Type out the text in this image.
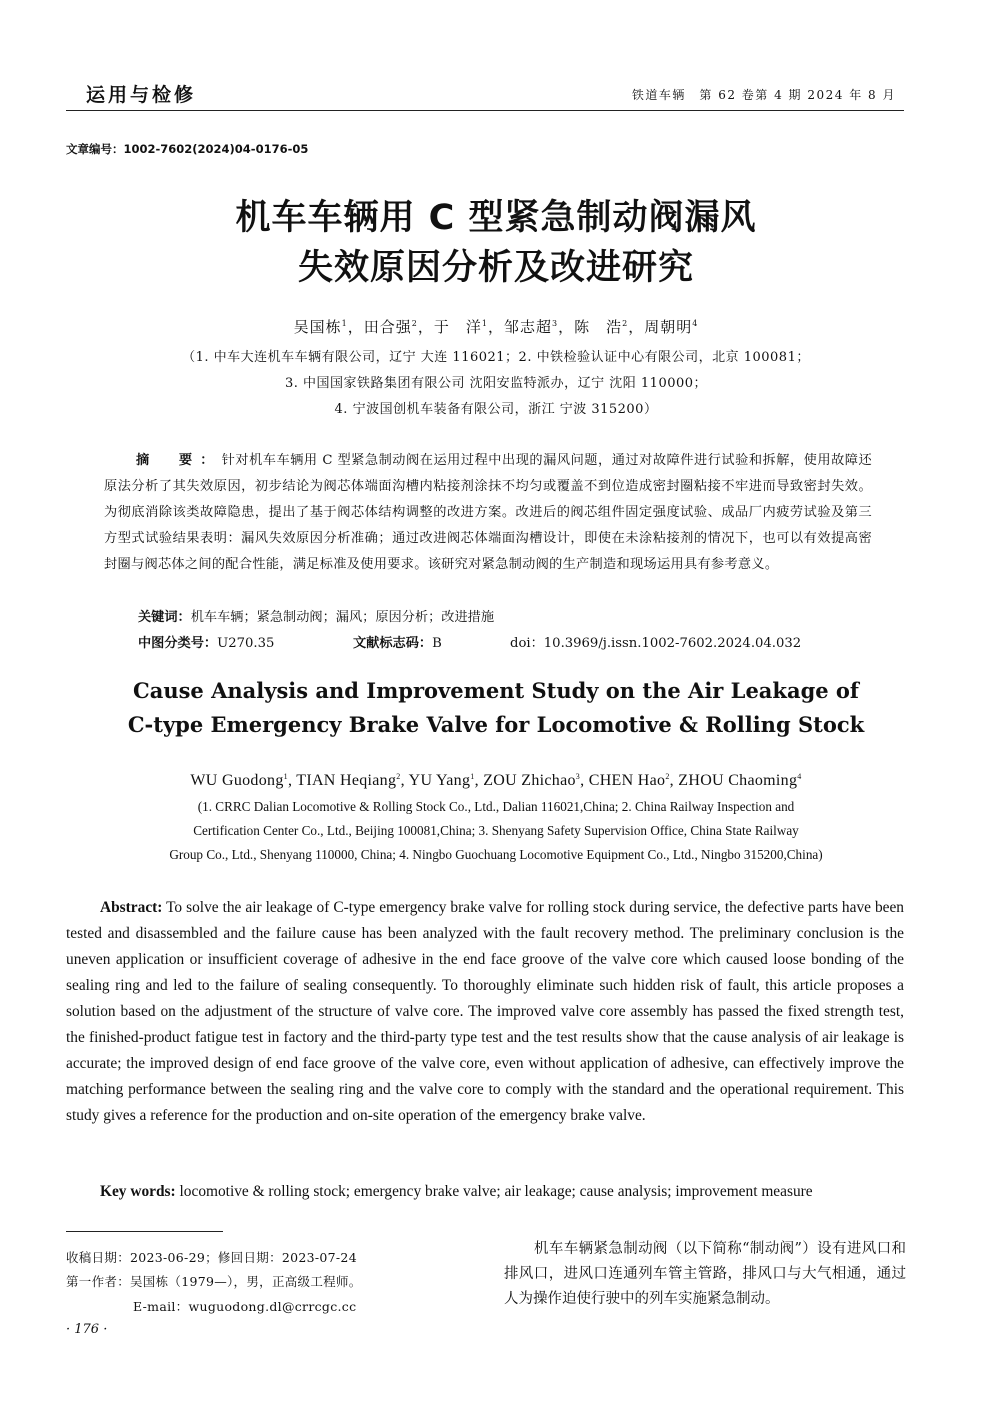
运用与检修	铁道车辆　第 62 卷第 4 期 2024 年 8 月
文章编号：1002-7602(2024)04-0176-05
机车车辆用 C 型紧急制动阀漏风
失效原因分析及改进研究
吴国栋$^1$，田合强$^2$，于　洋$^1$，邹志超$^3$，陈　浩$^2$，周朝明$^4$
（1. 中车大连机车车辆有限公司，辽宁 大连 116021；2. 中铁检验认证中心有限公司，北京 100081；
3. 中国国家铁路集团有限公司 沈阳安监特派办，辽宁 沈阳 110000；
4. 宁波国创机车装备有限公司，浙江 宁波 315200）
摘　要：针对机车车辆用 C 型紧急制动阀在运用过程中出现的漏风问题，通过对故障件进行试验和拆解，使用故障还原法分析了其失效原因，初步结论为阀芯体端面沟槽内粘接剂涂抹不均匀或覆盖不到位造成密封圈粘接不牢进而导致密封失效。为彻底消除该类故障隐患，提出了基于阀芯体结构调整的改进方案。改进后的阀芯组件固定强度试验、成品厂内疲劳试验及第三方型式试验结果表明：漏风失效原因分析准确；通过改进阀芯体端面沟槽设计，即使在未涂粘接剂的情况下，也可以有效提高密封圈与阀芯体之间的配合性能，满足标准及使用要求。该研究对紧急制动阀的生产制造和现场运用具有参考意义。
关键词：机车车辆；紧急制动阀；漏风；原因分析；改进措施
中图分类号：U270.35	文献标志码：B	doi：10.3969/j.issn.1002-7602.2024.04.032
Cause Analysis and Improvement Study on the Air Leakage of
C-type Emergency Brake Valve for Locomotive & Rolling Stock
WU Guodong$^1$, TIAN Heqiang$^2$, YU Yang$^1$, ZOU Zhichao$^3$, CHEN Hao$^2$, ZHOU Chaoming$^4$
(1. CRRC Dalian Locomotive & Rolling Stock Co., Ltd., Dalian 116021,China; 2. China Railway Inspection and
Certification Center Co., Ltd., Beijing 100081,China; 3. Shenyang Safety Supervision Office, China State Railway
Group Co., Ltd., Shenyang 110000, China; 4. Ningbo Guochuang Locomotive Equipment Co., Ltd., Ningbo 315200,China)
Abstract: To solve the air leakage of C-type emergency brake valve for rolling stock during service, the defective parts have been tested and disassembled and the failure cause has been analyzed with the fault recovery method. The preliminary conclusion is the uneven application or insufficient coverage of adhesive in the end face groove of the valve core which caused loose bonding of the sealing ring and led to the failure of sealing consequently. To thoroughly eliminate such hidden risk of fault, this article proposes a solution based on the adjustment of the structure of valve core. The improved valve core assembly has passed the fixed strength test, the finished-product fatigue test in factory and the third-party type test and the test results show that the cause analysis of air leakage is accurate; the improved design of end face groove of the valve core, even without application of adhesive, can effectively improve the matching performance between the sealing ring and the valve core to comply with the standard and the operational requirement. This study gives a reference for the production and on-site operation of the emergency brake valve.
Key words: locomotive & rolling stock; emergency brake valve; air leakage; cause analysis; improvement measure
收稿日期：2023-06-29；修回日期：2023-07-24
第一作者：吴国栋（1979—），男，正高级工程师。
E-mail：wuguodong.dl@crrcgc.cc
· 176 ·
机车车辆紧急制动阀（以下简称“制动阀”）设有进风口和排风口，进风口连通列车管主管路，排风口与大气相通，通过人为操作迫使行驶中的列车实施紧急制动。
